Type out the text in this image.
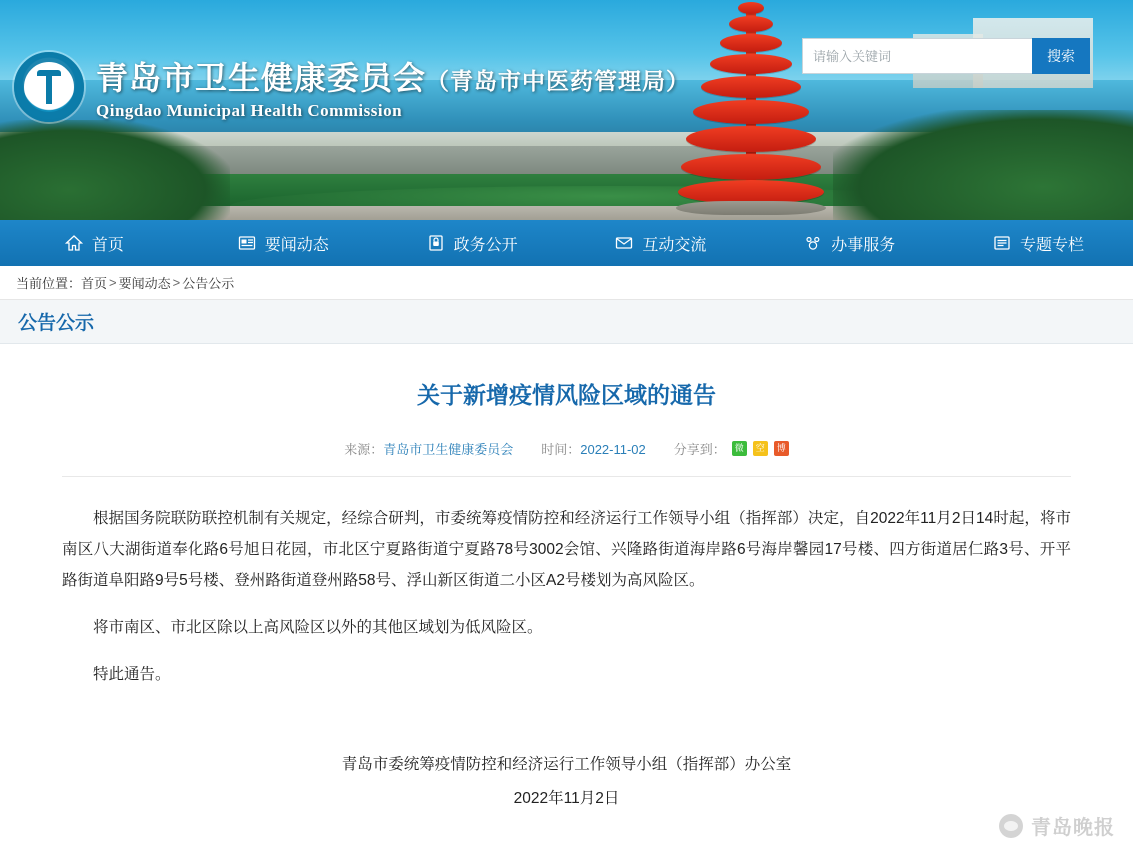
青岛市卫生健康委员会（青岛市中医药管理局）
Qingdao Municipal Health Commission
请输入关键词
搜索
首页	要闻动态	政务公开	互动交流	办事服务	专题专栏
当前位置： 首页 > 要闻动态 > 公告公示
公告公示
关于新增疫情风险区域的通告
来源：青岛市卫生健康委员会 时间：2022-11-02 分享到： 微	空	博

根据国务院联防联控机制有关规定，经综合研判，市委统筹疫情防控和经济运行工作领导小组（指挥部）决定，自2022年11月2日14时起，将市南区八大湖街道奉化路6号旭日花园，市北区宁夏路街道宁夏路78号3002会馆、兴隆路街道海岸路6号海岸馨园17号楼、四方街道居仁路3号、开平路街道阜阳路9号5号楼、登州路街道登州路58号、浮山新区街道二小区A2号楼划为高风险区。

将市南区、市北区除以上高风险区以外的其他区域划为低风险区。

特此通告。

青岛市委统筹疫情防控和经济运行工作领导小组（指挥部）办公室
2022年11月2日
青岛晚报
